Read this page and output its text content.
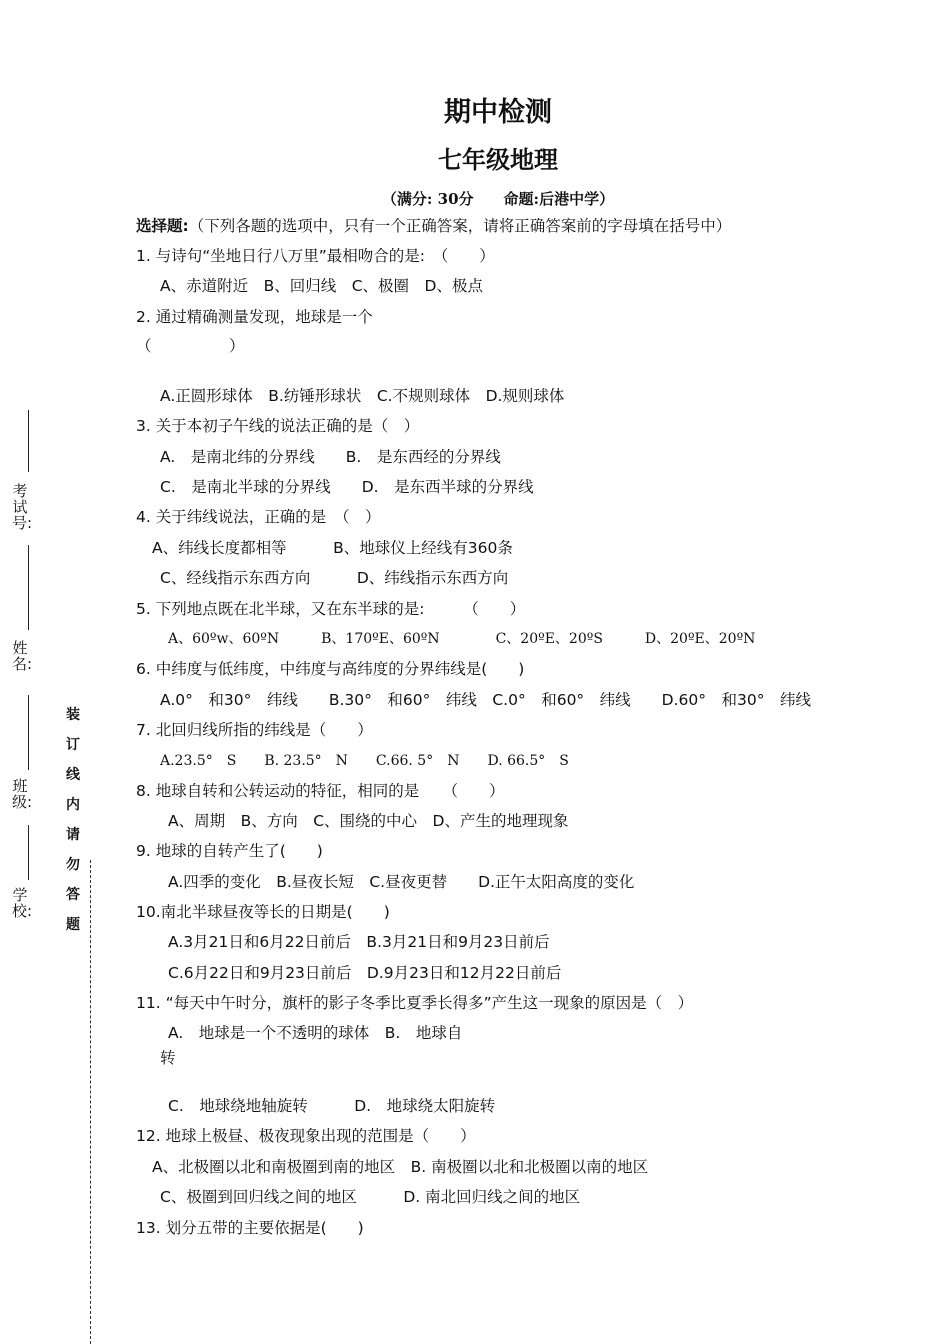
期中检测
七年级地理
（满分: 30分　　命题:后港中学）
选择题:（下列各题的选项中，只有一个正确答案，请将正确答案前的字母填在括号中）
1. 与诗句“坐地日行八万里”最相吻合的是:　（　　）
A、赤道附近　B、回归线　C、极圈　D、极点
2. 通过精确测量发现，地球是一个
（　　　　　）
A.正圆形球体　B.纺锤形球状　C.不规则球体　D.规则球体
3. 关于本初子午线的说法正确的是（　）
A.　是南北纬的分界线　　B.　是东西经的分界线
C.　是南北半球的分界线　　D.　是东西半球的分界线
4. 关于纬线说法，正确的是　（　）
A、纬线长度都相等　　　B、地球仪上经线有360条
C、经线指示东西方向　　　D、纬线指示东西方向
5. 下列地点既在北半球，又在东半球的是:　　　（　　）
A、60ºw、60ºN　　　B、170ºE、60ºN　　　　C、20ºE、20ºS　　　D、20ºE、20ºN
6. 中纬度与低纬度，中纬度与高纬度的分界纬线是(　　)
A.0°　和30°　纬线　　B.30°　和60°　纬线　C.0°　和60°　纬线　　D.60°　和30°　纬线
7. 北回归线所指的纬线是（　　）
A.23.5°　S　　B. 23.5°　N　　C.66. 5°　N　　D. 66.5°　S
8. 地球自转和公转运动的特征，相同的是　　（　　）
A、周期　B、方向　C、围绕的中心　D、产生的地理现象
9. 地球的自转产生了(　　)
A.四季的变化　B.昼夜长短　C.昼夜更替　　D.正午太阳高度的变化
10.南北半球昼夜等长的日期是(　　)
A.3月21日和6月22日前后　B.3月21日和9月23日前后
C.6月22日和9月23日前后　D.9月23日和12月22日前后
11. “每天中午时分，旗杆的影子冬季比夏季长得多”产生这一现象的原因是（　）
A.　地球是一个不透明的球体　B.　地球自
转
C.　地球绕地轴旋转　　　D.　地球绕太阳旋转
12. 地球上极昼、极夜现象出现的范围是（　　）
A、北极圈以北和南极圈到南的地区　B. 南极圈以北和北极圈以南的地区
C、极圈到回归线之间的地区　　　D. 南北回归线之间的地区
13. 划分五带的主要依据是(　　)
考试号:
姓名:
班级:
学校:
装订线内请勿答题
